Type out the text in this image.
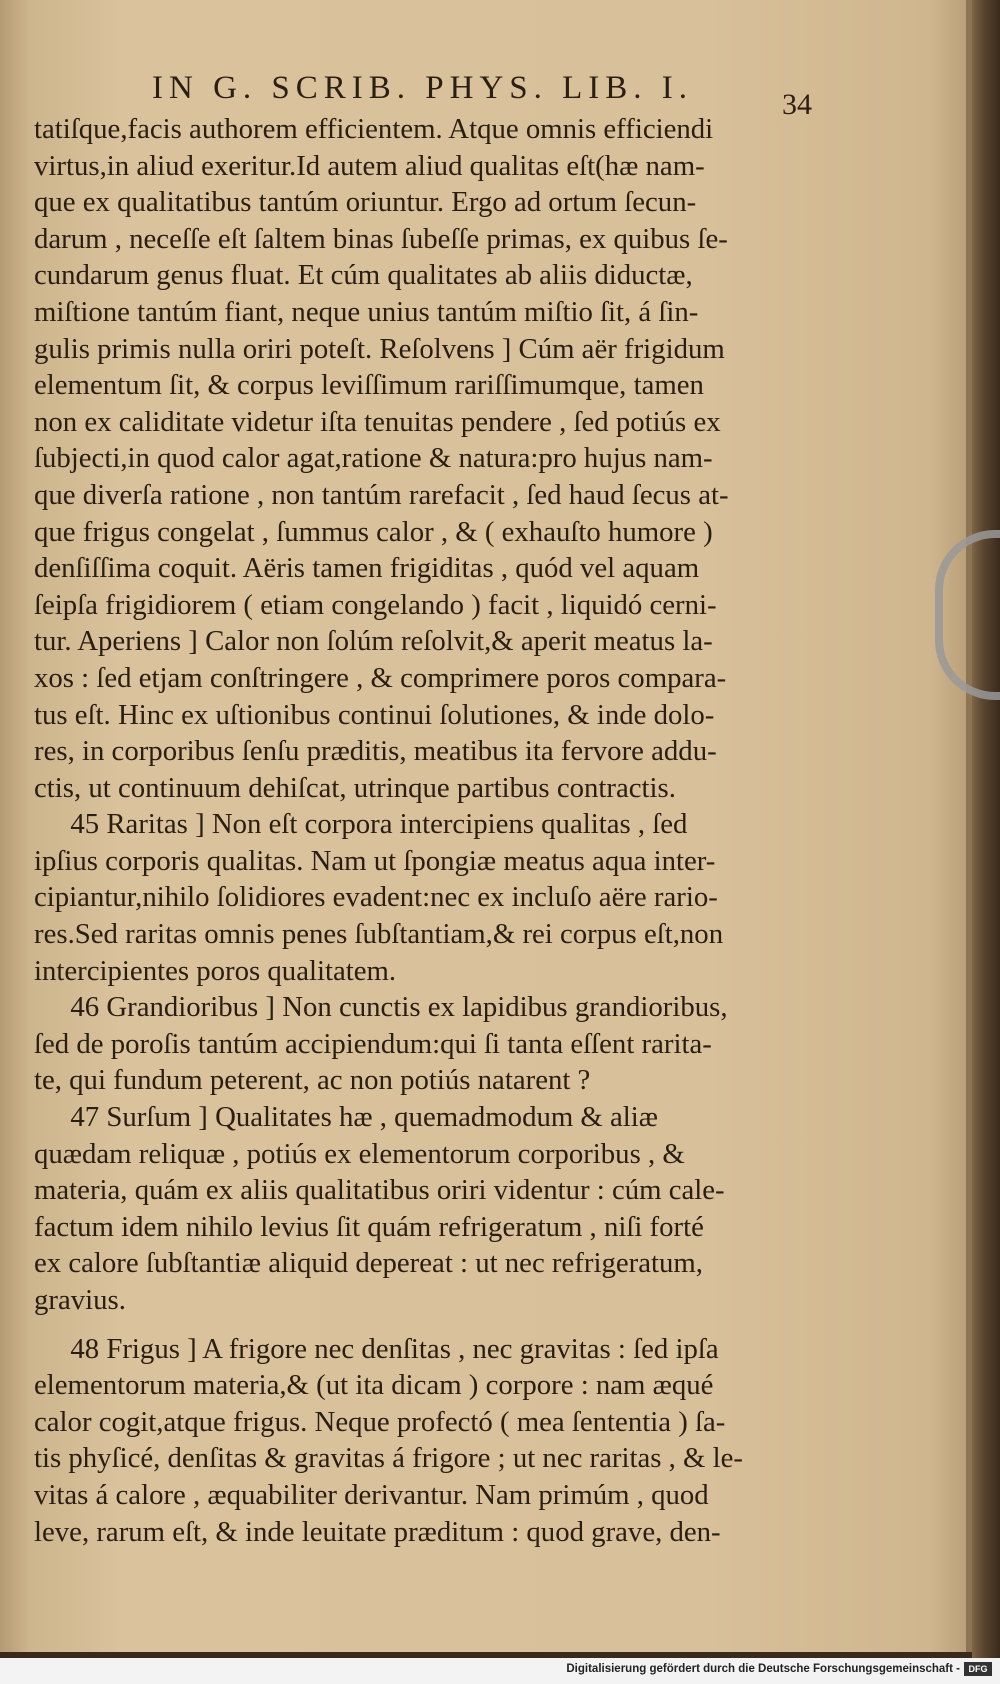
IN G. SCRIB. PHYS. LIB. I.	34
tatiſque,facis authorem efficientem. Atque omnis efficiendi
virtus,in aliud exeritur.Id autem aliud qualitas eſt(hæ nam-
que ex qualitatibus tantúm oriuntur. Ergo ad ortum ſecun-
darum , neceſſe eſt ſaltem binas ſubeſſe primas, ex quibus ſe-
cundarum genus fluat. Et cúm qualitates ab aliis diductæ,
miſtione tantúm fiant, neque unius tantúm miſtio ſit, á ſin-
gulis primis nulla oriri poteſt. Reſolvens ] Cúm aër frigidum
elementum ſit, & corpus leviſſimum rariſſimumque, tamen
non ex caliditate videtur iſta tenuitas pendere , ſed potiús ex
ſubjecti,in quod calor agat,ratione & natura:pro hujus nam-
que diverſa ratione , non tantúm rarefacit , ſed haud ſecus at-
que frigus congelat , ſummus calor , & ( exhauſto humore )
denſiſſima coquit. Aëris tamen frigiditas , quód vel aquam
ſeipſa frigidiorem ( etiam congelando ) facit , liquidó cerni-
tur. Aperiens ] Calor non ſolúm reſolvit,& aperit meatus la-
xos : ſed etjam conſtringere , & comprimere poros compara-
tus eſt. Hinc ex uſtionibus continui ſolutiones, & inde dolo-
res, in corporibus ſenſu præditis, meatibus ita fervore addu-
ctis, ut continuum dehiſcat, utrinque partibus contractis.
45 Raritas ] Non eſt corpora intercipiens qualitas , ſed
ipſius corporis qualitas. Nam ut ſpongiæ meatus aqua inter-
cipiantur,nihilo ſolidiores evadent:nec ex incluſo aëre rario-
res.Sed raritas omnis penes ſubſtantiam,& rei corpus eſt,non
intercipientes poros qualitatem.
46 Grandioribus ] Non cunctis ex lapidibus grandioribus,
ſed de poroſis tantúm accipiendum:qui ſi tanta eſſent rarita-
te, qui fundum peterent, ac non potiús natarent ?
47 Surſum ] Qualitates hæ , quemadmodum & aliæ
quædam reliquæ , potiús ex elementorum corporibus , &
materia, quám ex aliis qualitatibus oriri videntur : cúm cale-
factum idem nihilo levius ſit quám refrigeratum , niſi forté
ex calore ſubſtantiæ aliquid depereat : ut nec refrigeratum,
gravius.
48 Frigus ] A frigore nec denſitas , nec gravitas : ſed ipſa
elementorum materia,& (ut ita dicam ) corpore : nam æqué
calor cogit,atque frigus. Neque profectó ( mea ſententia ) ſa-
tis phyſicé, denſitas & gravitas á frigore ; ut nec raritas , & le-
vitas á calore , æquabiliter derivantur. Nam primúm , quod
leve, rarum eſt, & inde leuitate præditum : quod grave, den-
Digitalisierung gefördert durch die Deutsche Forschungsgemeinschaft - DFG
